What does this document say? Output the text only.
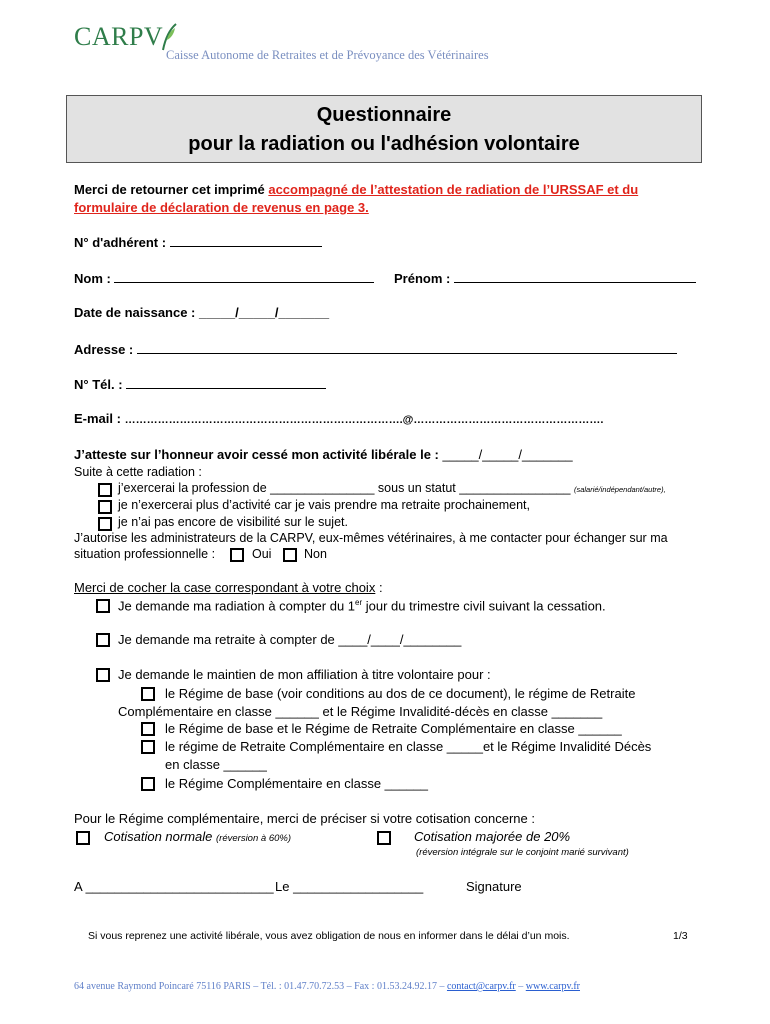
CARPV
Caisse Autonome de Retraites et de Prévoyance des Vétérinaires
Questionnaire
pour la radiation ou l'adhésion volontaire
Merci de retourner cet imprimé accompagné de l’attestation de radiation de l’URSSAF et du
formulaire de déclaration de revenus en page 3.
N° d'adhérent :
Nom :	Prénom :
Date de naissance : _____/_____/_______
Adresse :
N° Tél. :
E-mail : ………………………………………………………………….@…………………………………………….
J’atteste sur l’honneur avoir cessé mon activité libérale le : _____/_____/_______
Suite à cette radiation :
j’exercerai la profession de _______________ sous un statut ________________ (salarié/indépendant/autre),
je n’exercerai plus d’activité car je vais prendre ma retraite prochainement,
je n’ai pas encore de visibilité sur le sujet.
J’autorise les administrateurs de la CARPV, eux-mêmes vétérinaires, à me contacter pour échanger sur ma
situation professionnelle :	Oui	Non
Merci de cocher la case correspondant à votre choix :
Je demande ma radiation à compter du 1er jour du trimestre civil suivant la cessation.
Je demande ma retraite à compter de ____/____/________
Je demande le maintien de mon affiliation à titre volontaire pour :
le Régime de base (voir conditions au dos de ce document), le régime de Retraite
Complémentaire en classe ______ et le Régime Invalidité-décès en classe _______
le Régime de base et le Régime de Retraite Complémentaire en classe ______
le régime de Retraite Complémentaire en classe _____et le Régime Invalidité Décès
en classe ______
le Régime Complémentaire en classe ______
Pour le Régime complémentaire, merci de préciser si votre cotisation concerne :
Cotisation normale (réversion à 60%)	Cotisation majorée de 20%
(réversion intégrale sur le conjoint marié survivant)
A __________________________ Le __________________	Signature
Si vous reprenez une activité libérale, vous avez obligation de nous en informer dans le délai d’un mois.	1/3
64 avenue Raymond Poincaré 75116 PARIS – Tél. : 01.47.70.72.53 – Fax : 01.53.24.92.17 – contact@carpv.fr – www.carpv.fr
